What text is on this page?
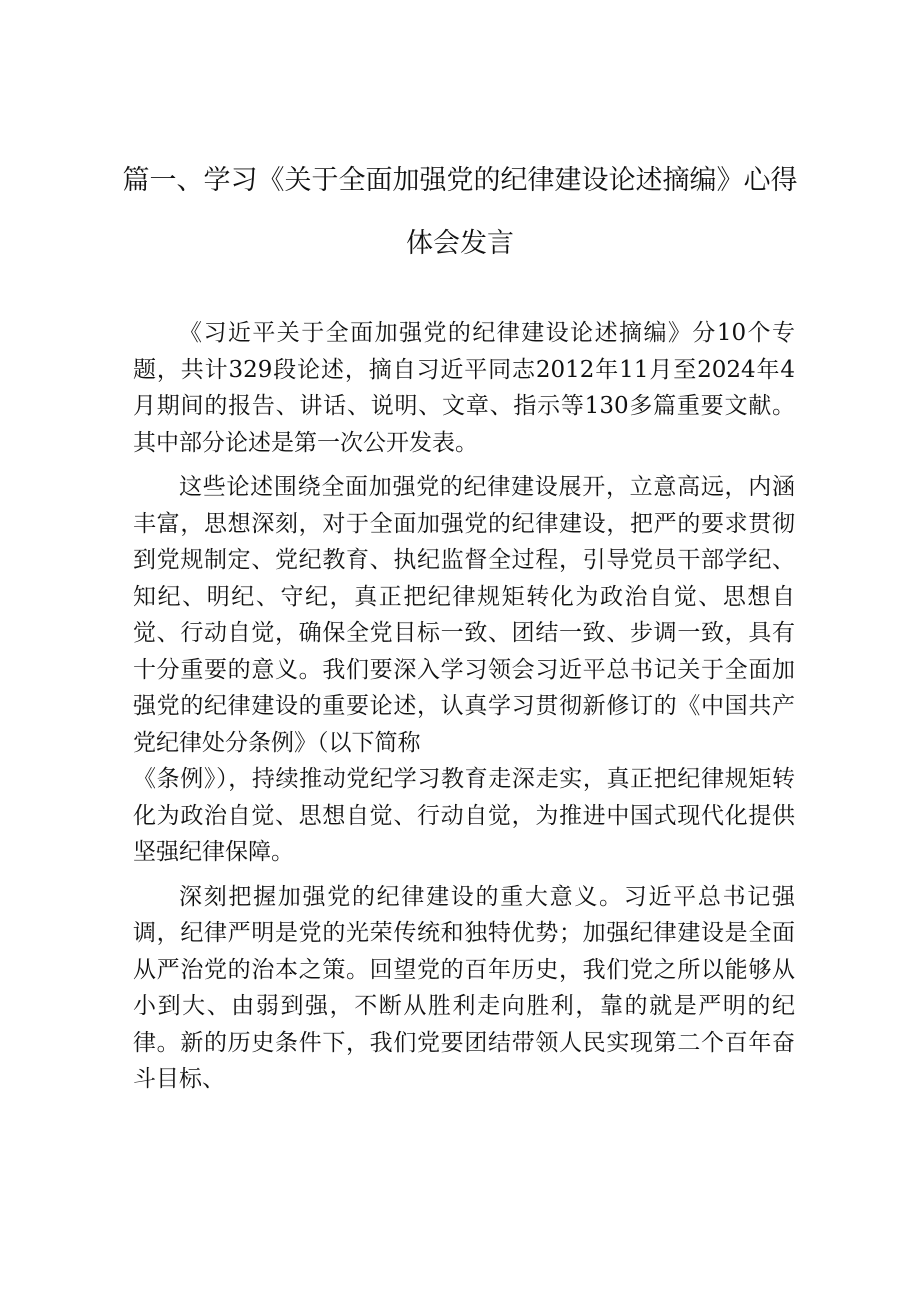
篇一、学习《关于全面加强党的纪律建设论述摘编》心得
体会发言

《习近平关于全面加强党的纪律建设论述摘编》分10个专题，共计329段论述，摘自习近平同志2012年11月至2024年4月期间的报告、讲话、说明、文章、指示等130多篇重要文献。其中部分论述是第一次公开发表。

这些论述围绕全面加强党的纪律建设展开，立意高远，内涵丰富，思想深刻，对于全面加强党的纪律建设，把严的要求贯彻到党规制定、党纪教育、执纪监督全过程，引导党员干部学纪、知纪、明纪、守纪，真正把纪律规矩转化为政治自觉、思想自觉、行动自觉，确保全党目标一致、团结一致、步调一致，具有十分重要的意义。我们要深入学习领会习近平总书记关于全面加强党的纪律建设的重要论述，认真学习贯彻新修订的《中国共产党纪律处分条例》（以下简称

《条例》），持续推动党纪学习教育走深走实，真正把纪律规矩转化为政治自觉、思想自觉、行动自觉，为推进中国式现代化提供坚强纪律保障。

深刻把握加强党的纪律建设的重大意义。习近平总书记强调，纪律严明是党的光荣传统和独特优势；加强纪律建设是全面从严治党的治本之策。回望党的百年历史，我们党之所以能够从小到大、由弱到强，不断从胜利走向胜利，靠的就是严明的纪律。新的历史条件下，我们党要团结带领人民实现第二个百年奋斗目标、
